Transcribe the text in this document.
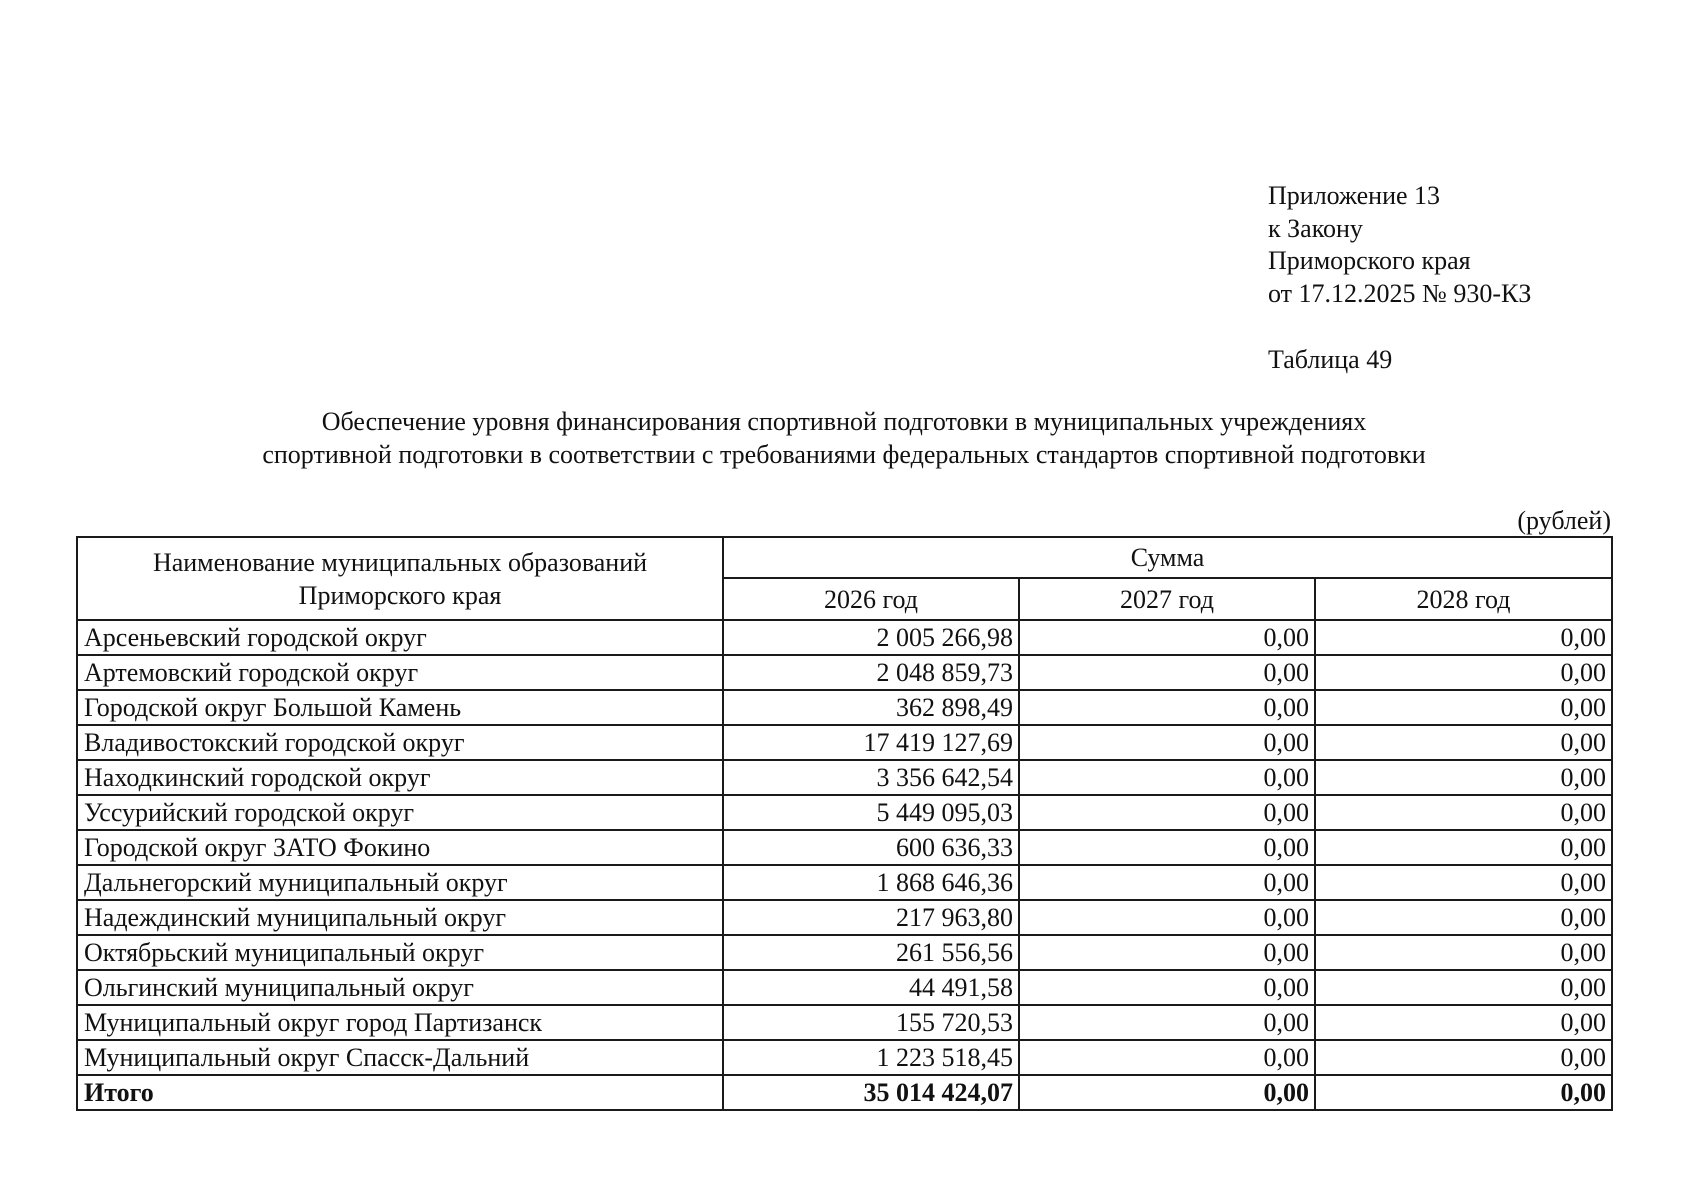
Приложение 13
к Закону
Приморского края
от 17.12.2025 № 930-КЗ
Таблица 49
Обеспечение уровня финансирования спортивной подготовки в муниципальных учреждениях
спортивной подготовки в соответствии с требованиями федеральных стандартов спортивной подготовки
(рублей)
Наименование муниципальных образований
Приморского края	Сумма		
	2026 год	2027 год	2028 год
Арсеньевский городской округ	2 005 266,98	0,00	0,00
Артемовский городской округ	2 048 859,73	0,00	0,00
Городской округ Большой Камень	362 898,49	0,00	0,00
Владивостокский городской округ	17 419 127,69	0,00	0,00
Находкинский городской округ	3 356 642,54	0,00	0,00
Уссурийский городской округ	5 449 095,03	0,00	0,00
Городской округ ЗАТО Фокино	600 636,33	0,00	0,00
Дальнегорский муниципальный округ	1 868 646,36	0,00	0,00
Надеждинский муниципальный округ	217 963,80	0,00	0,00
Октябрьский муниципальный округ	261 556,56	0,00	0,00
Ольгинский муниципальный округ	44 491,58	0,00	0,00
Муниципальный округ город Партизанск	155 720,53	0,00	0,00
Муниципальный округ Спасск-Дальний	1 223 518,45	0,00	0,00
Итого	35 014 424,07	0,00	0,00
